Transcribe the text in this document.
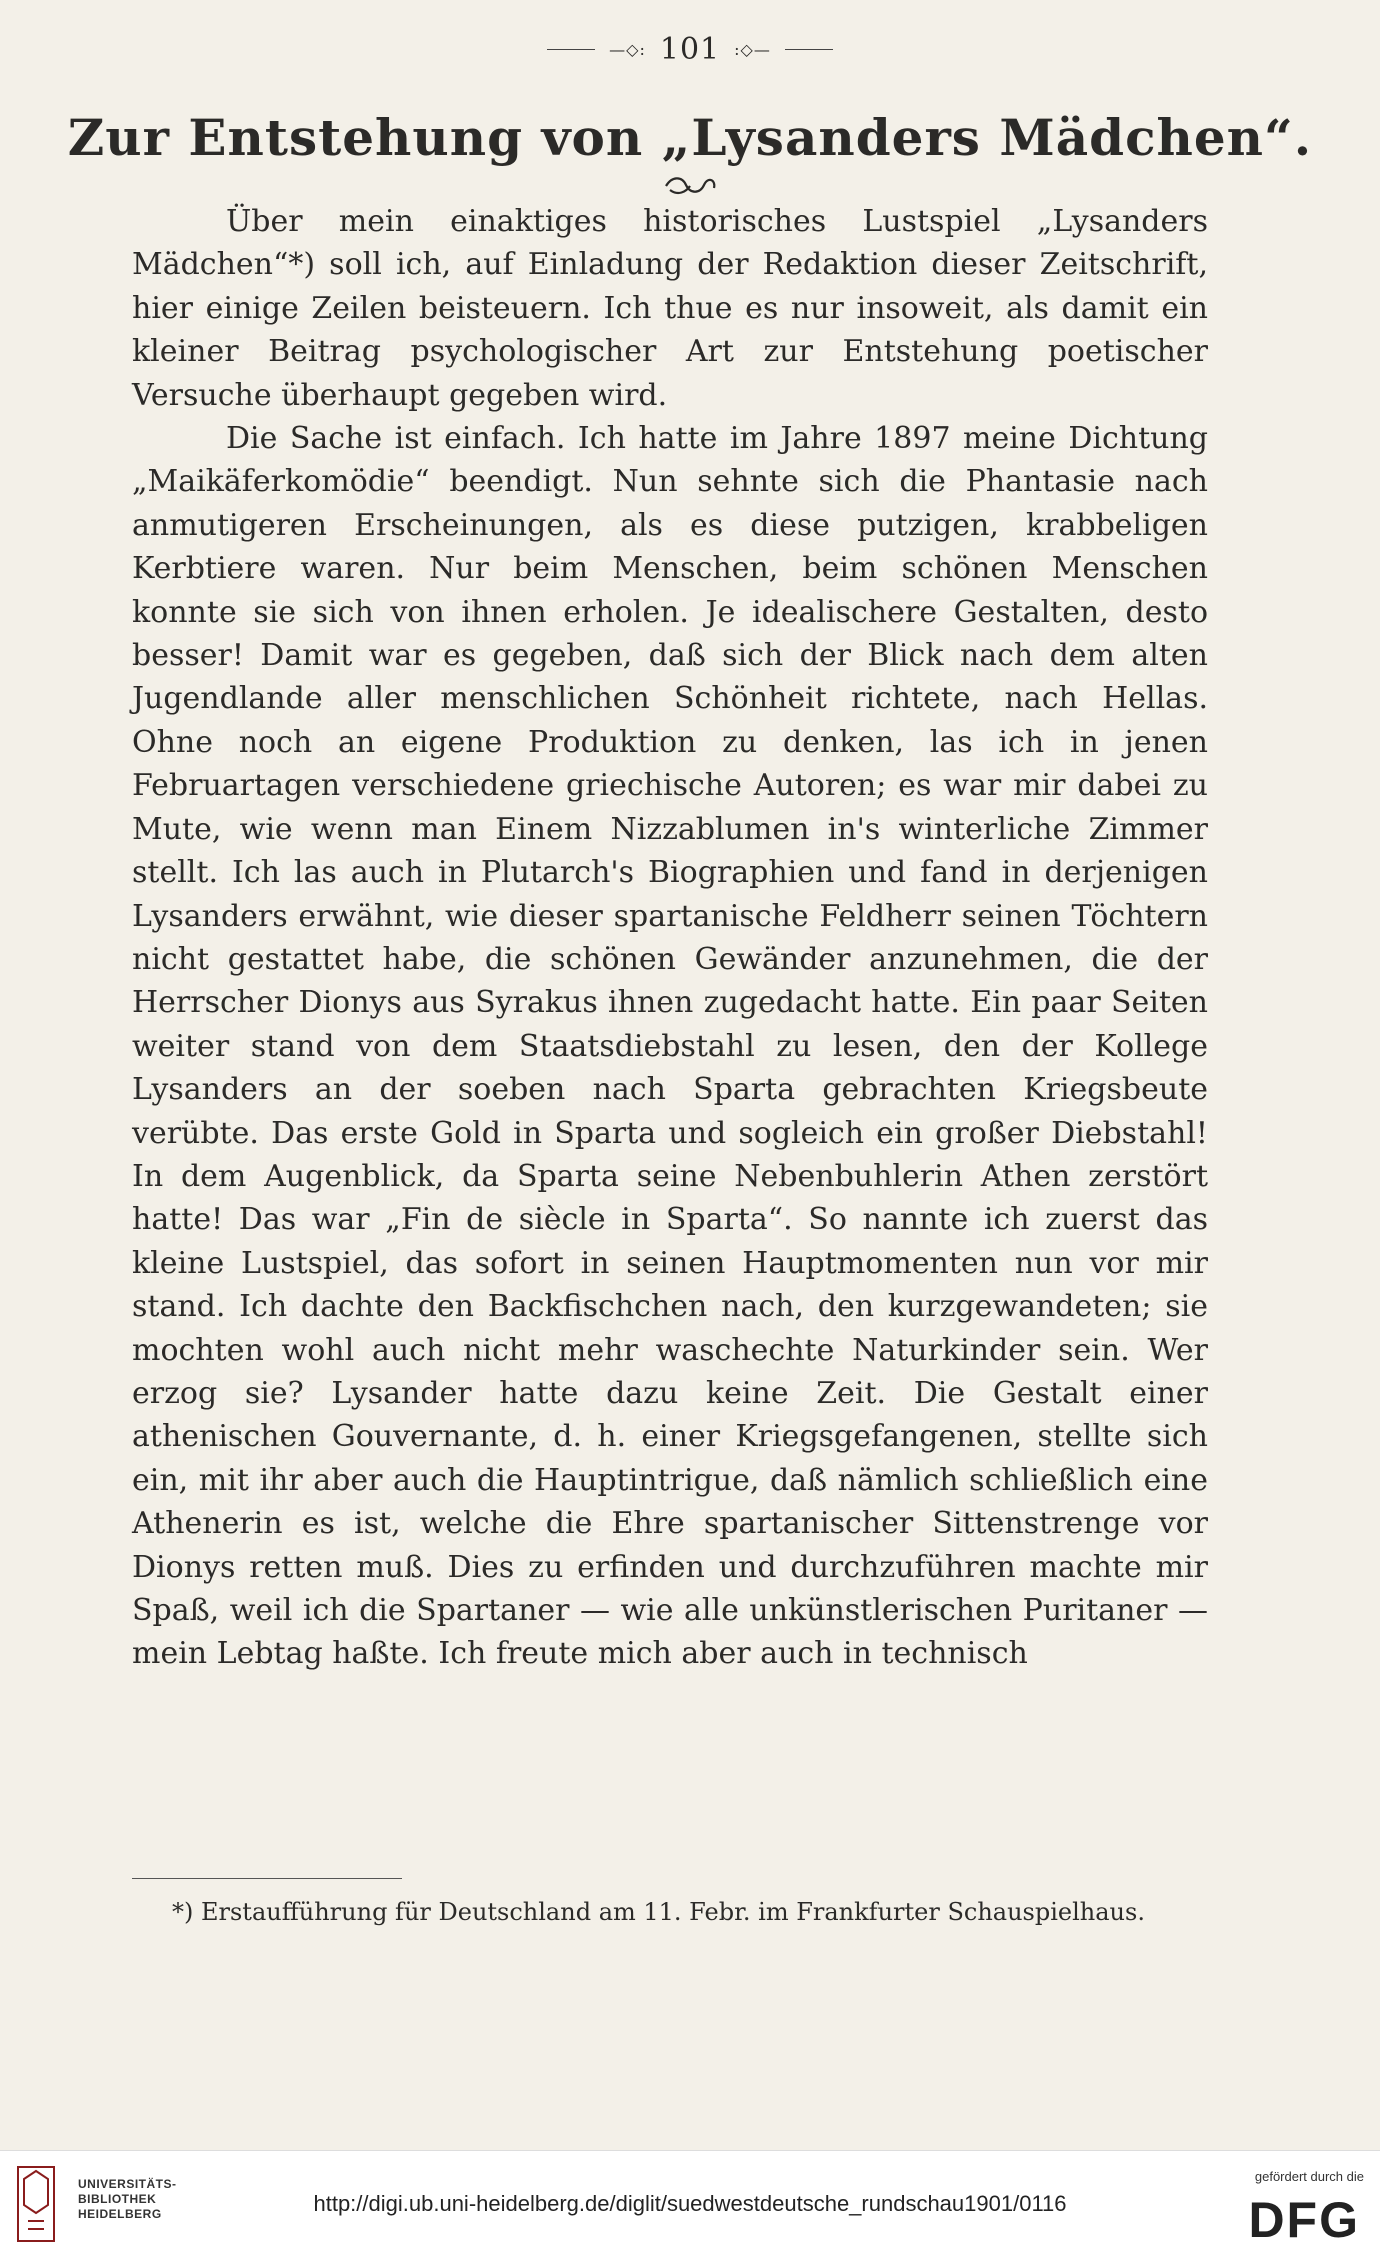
—◇: 101 :◇—
Zur Entstehung von „Lysanders Mädchen“.

Über mein einaktiges historisches Lustspiel „Lysanders Mädchen“*) soll ich, auf Einladung der Redaktion dieser Zeitschrift, hier einige Zeilen beisteuern. Ich thue es nur insoweit, als damit ein kleiner Beitrag psychologischer Art zur Entstehung poetischer Versuche überhaupt gegeben wird.

Die Sache ist einfach. Ich hatte im Jahre 1897 meine Dichtung „Maikäferkomödie“ beendigt. Nun sehnte sich die Phantasie nach anmutigeren Erscheinungen, als es diese putzigen, krabbeligen Kerbtiere waren. Nur beim Menschen, beim schönen Menschen konnte sie sich von ihnen erholen. Je idealischere Gestalten, desto besser! Damit war es gegeben, daß sich der Blick nach dem alten Jugendlande aller menschlichen Schönheit richtete, nach Hellas. Ohne noch an eigene Produktion zu denken, las ich in jenen Februartagen verschiedene griechische Autoren; es war mir dabei zu Mute, wie wenn man Einem Nizzablumen in's winterliche Zimmer stellt. Ich las auch in Plutarch's Biographien und fand in derjenigen Lysanders erwähnt, wie dieser spartanische Feldherr seinen Töchtern nicht gestattet habe, die schönen Gewänder anzunehmen, die der Herrscher Dionys aus Syrakus ihnen zugedacht hatte. Ein paar Seiten weiter stand von dem Staatsdiebstahl zu lesen, den der Kollege Lysanders an der soeben nach Sparta gebrachten Kriegsbeute verübte. Das erste Gold in Sparta und sogleich ein großer Diebstahl! In dem Augenblick, da Sparta seine Nebenbuhlerin Athen zerstört hatte! Das war „Fin de siècle in Sparta“. So nannte ich zuerst das kleine Lustspiel, das sofort in seinen Hauptmomenten nun vor mir stand. Ich dachte den Backfischchen nach, den kurzgewandeten; sie mochten wohl auch nicht mehr waschechte Naturkinder sein. Wer erzog sie? Lysander hatte dazu keine Zeit. Die Gestalt einer athenischen Gouvernante, d. h. einer Kriegsgefangenen, stellte sich ein, mit ihr aber auch die Hauptintrigue, daß nämlich schließlich eine Athenerin es ist, welche die Ehre spartanischer Sittenstrenge vor Dionys retten muß. Dies zu erfinden und durchzuführen machte mir Spaß, weil ich die Spartaner — wie alle unkünstlerischen Puritaner — mein Lebtag haßte. Ich freute mich aber auch in technisch

*) Erstaufführung für Deutschland am 11. Febr. im Frankfurter Schauspielhaus.
UNIVERSITÄTS-
BIBLIOTHEK
HEIDELBERG	http://digi.ub.uni-heidelberg.de/diglit/suedwestdeutsche_rundschau1901/0116
gefördert durch die
DFG
